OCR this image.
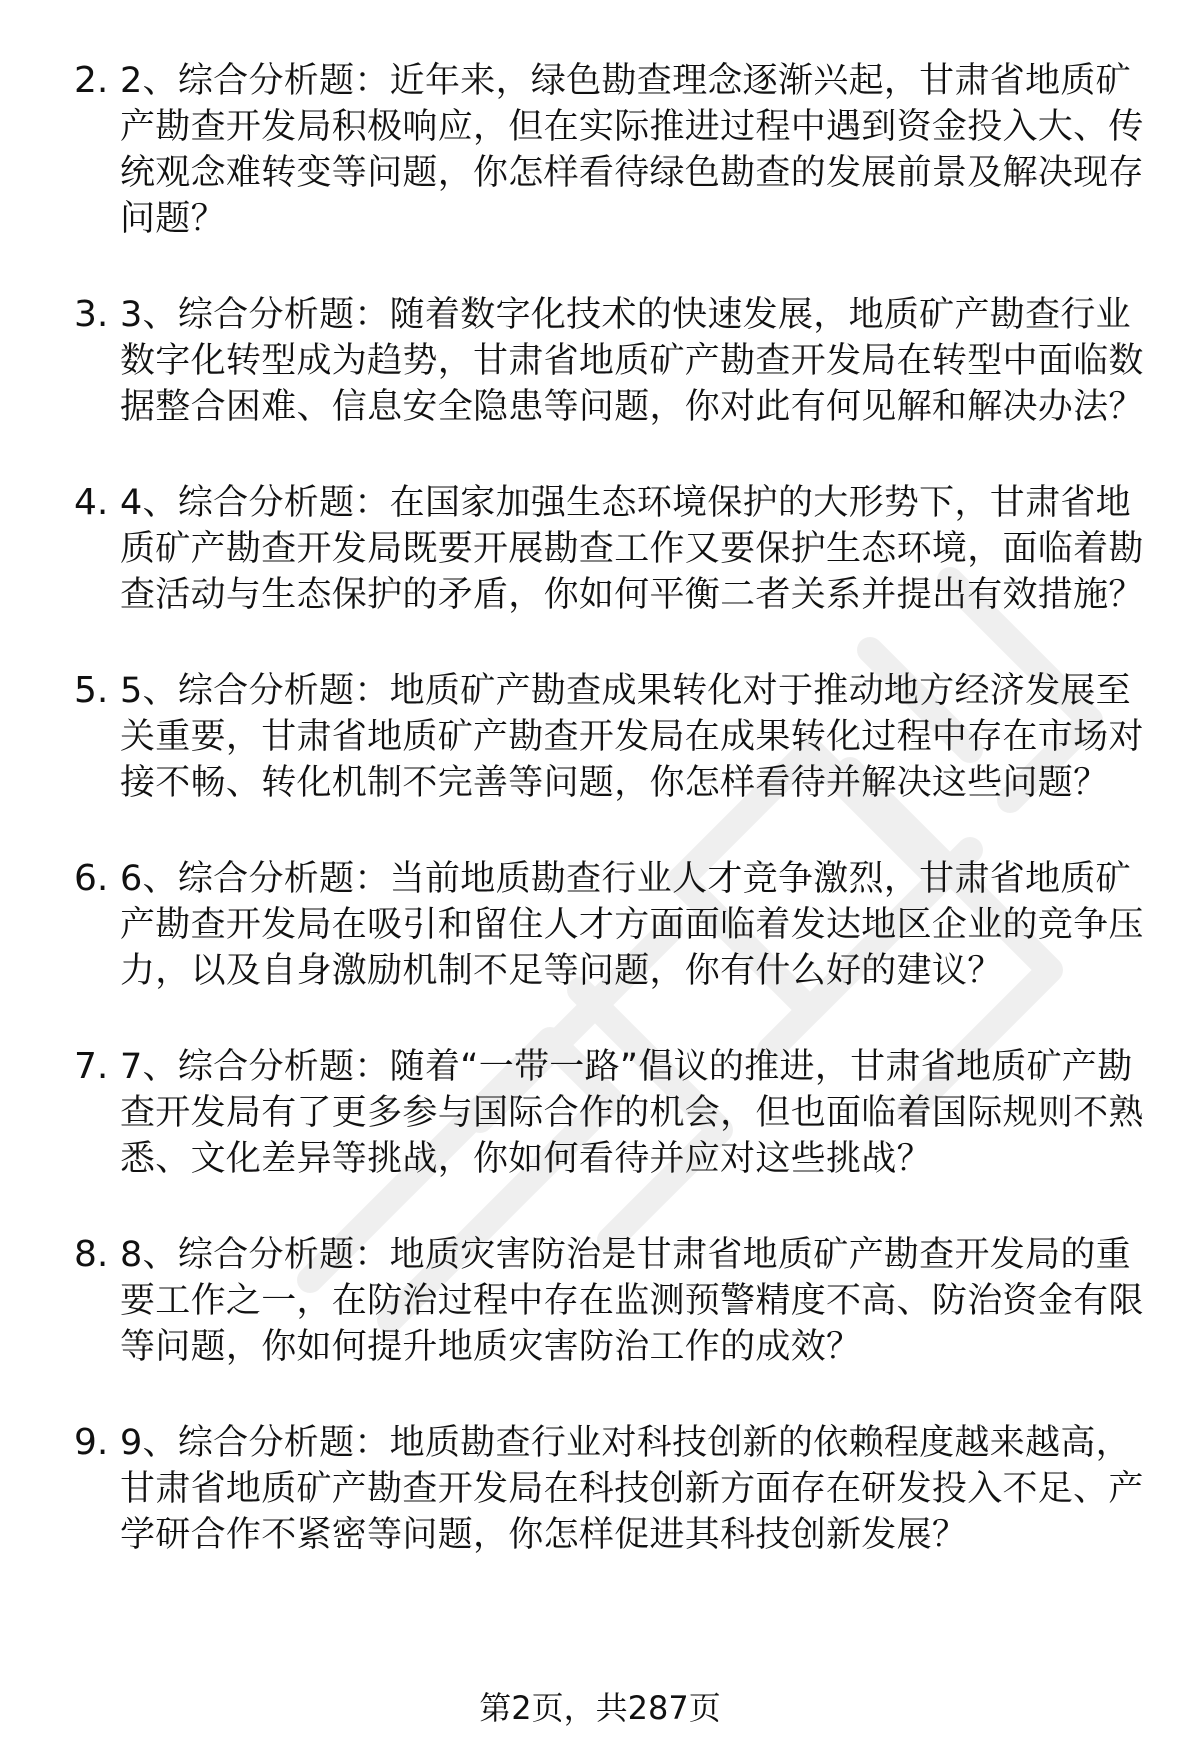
2. 2、综合分析题：近年来，绿色勘查理念逐渐兴起，甘肃省地质矿产勘查开发局积极响应，但在实际推进过程中遇到资金投入大、传统观念难转变等问题，你怎样看待绿色勘查的发展前景及解决现存问题？
3. 3、综合分析题：随着数字化技术的快速发展，地质矿产勘查行业数字化转型成为趋势，甘肃省地质矿产勘查开发局在转型中面临数据整合困难、信息安全隐患等问题，你对此有何见解和解决办法？
4. 4、综合分析题：在国家加强生态环境保护的大形势下，甘肃省地质矿产勘查开发局既要开展勘查工作又要保护生态环境，面临着勘查活动与生态保护的矛盾，你如何平衡二者关系并提出有效措施？
5. 5、综合分析题：地质矿产勘查成果转化对于推动地方经济发展至关重要，甘肃省地质矿产勘查开发局在成果转化过程中存在市场对接不畅、转化机制不完善等问题，你怎样看待并解决这些问题？
6. 6、综合分析题：当前地质勘查行业人才竞争激烈，甘肃省地质矿产勘查开发局在吸引和留住人才方面面临着发达地区企业的竞争压力，以及自身激励机制不足等问题，你有什么好的建议？
7. 7、综合分析题：随着“一带一路”倡议的推进，甘肃省地质矿产勘查开发局有了更多参与国际合作的机会，但也面临着国际规则不熟悉、文化差异等挑战，你如何看待并应对这些挑战？
8. 8、综合分析题：地质灾害防治是甘肃省地质矿产勘查开发局的重要工作之一，在防治过程中存在监测预警精度不高、防治资金有限等问题，你如何提升地质灾害防治工作的成效？
9. 9、综合分析题：地质勘查行业对科技创新的依赖程度越来越高，甘肃省地质矿产勘查开发局在科技创新方面存在研发投入不足、产学研合作不紧密等问题，你怎样促进其科技创新发展？
第2页，共287页
